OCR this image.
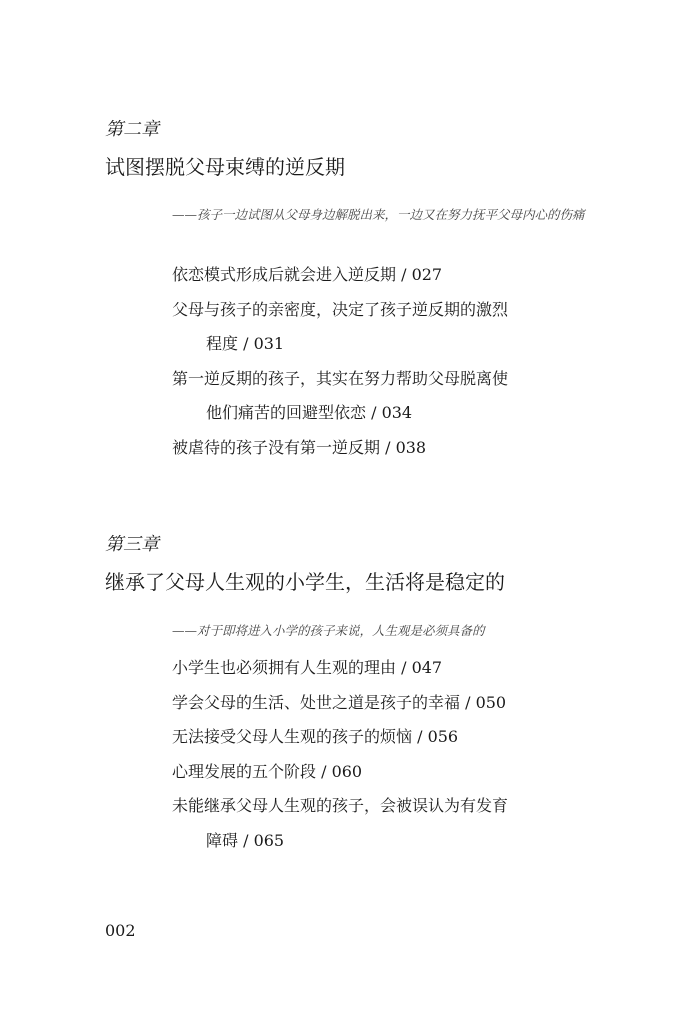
第二章
试图摆脱父母束缚的逆反期
——孩子一边试图从父母身边解脱出来，一边又在努力抚平父母内心的伤痛
依恋模式形成后就会进入逆反期 / 027
父母与孩子的亲密度，决定了孩子逆反期的激烈
程度 / 031
第一逆反期的孩子，其实在努力帮助父母脱离使
他们痛苦的回避型依恋 / 034
被虐待的孩子没有第一逆反期 / 038
第三章
继承了父母人生观的小学生，生活将是稳定的
——对于即将进入小学的孩子来说，人生观是必须具备的
小学生也必须拥有人生观的理由 / 047
学会父母的生活、处世之道是孩子的幸福 / 050
无法接受父母人生观的孩子的烦恼 / 056
心理发展的五个阶段 / 060
未能继承父母人生观的孩子，会被误认为有发育
障碍 / 065
002
